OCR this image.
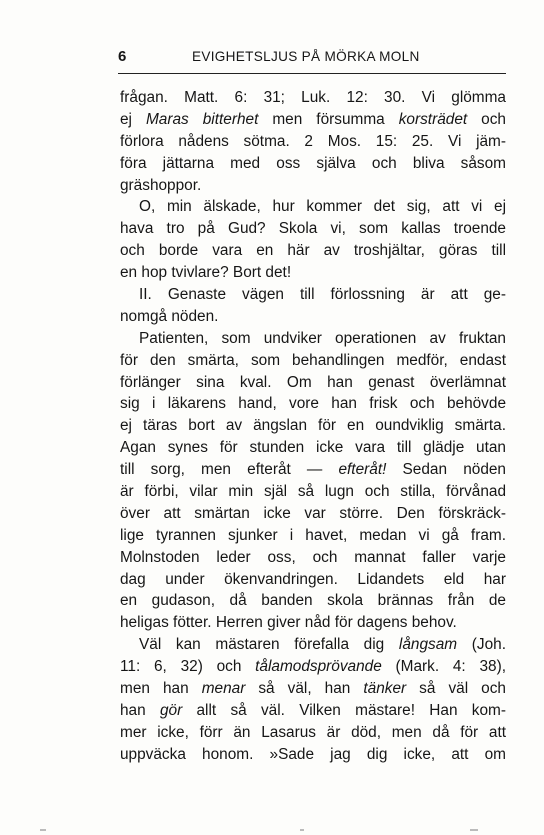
6	EVIGHETSLJUS PÅ MÖRKA MOLN
frågan. Matt. 6: 31; Luk. 12: 30. Vi glömma
ej Maras bitterhet men försumma korsträdet och
förlora nådens sötma. 2 Mos. 15: 25. Vi jäm-
föra jättarna med oss själva och bliva såsom
gräshoppor.
O, min älskade, hur kommer det sig, att vi ej
hava tro på Gud? Skola vi, som kallas troende
och borde vara en här av troshjältar, göras till
en hop tvivlare? Bort det!
II. Genaste vägen till förlossning är att ge-
nomgå nöden.
Patienten, som undviker operationen av fruktan
för den smärta, som behandlingen medför, endast
förlänger sina kval. Om han genast överlämnat
sig i läkarens hand, vore han frisk och behövde
ej täras bort av ängslan för en oundviklig smärta.
Agan synes för stunden icke vara till glädje utan
till sorg, men efteråt — efteråt! Sedan nöden
är förbi, vilar min själ så lugn och stilla, förvånad
över att smärtan icke var större. Den förskräck-
lige tyrannen sjunker i havet, medan vi gå fram.
Molnstoden leder oss, och mannat faller varje
dag under ökenvandringen. Lidandets eld har
en gudason, då banden skola brännas från de
heligas fötter. Herren giver nåd för dagens behov.
Väl kan mästaren förefalla dig långsam (Joh.
11: 6, 32) och tålamodsprövande (Mark. 4: 38),
men han menar så väl, han tänker så väl och
han gör allt så väl. Vilken mästare! Han kom-
mer icke, förr än Lasarus är död, men då för att
uppväcka honom. »Sade jag dig icke, att om
